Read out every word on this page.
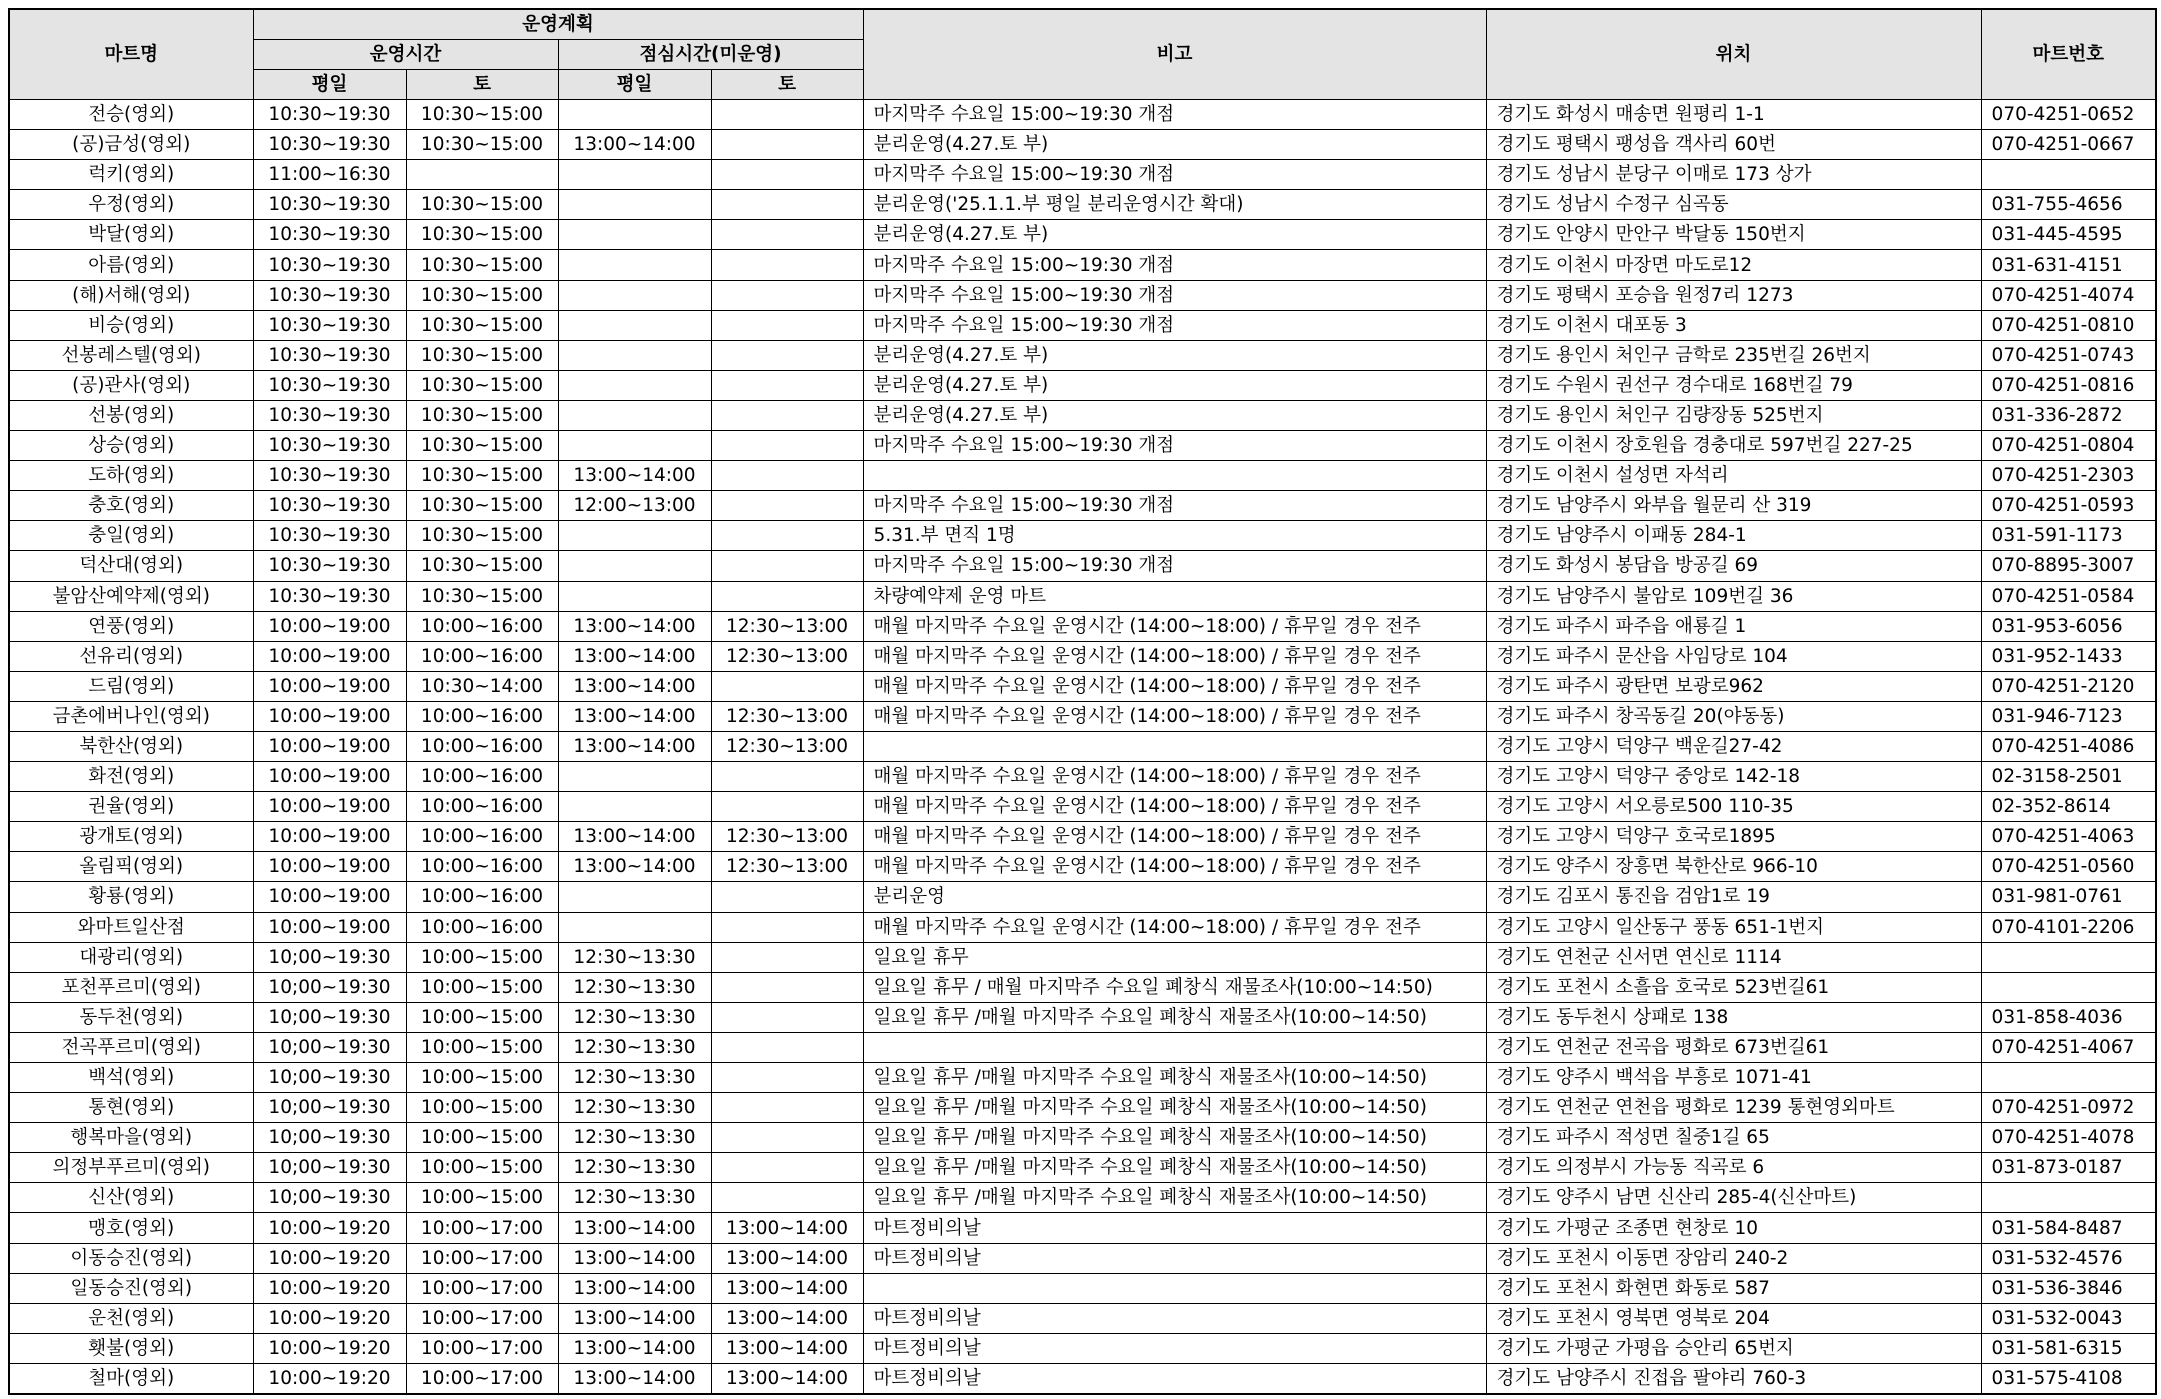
마트명	운영계획				비고	위치	마트번호
	운영시간		점심시간(미운영)				
	평일	토	평일	토			
전승(영외)	10:30~19:30	10:30~15:00			마지막주 수요일 15:00~19:30 개점	경기도 화성시 매송면 원평리 1-1	070-4251-0652
(공)금성(영외)	10:30~19:30	10:30~15:00	13:00~14:00		분리운영(4.27.토 부)	경기도 평택시 팽성읍 객사리 60번	070-4251-0667
럭키(영외)	11:00~16:30				마지막주 수요일 15:00~19:30 개점	경기도 성남시 분당구 이매로 173 상가	
우정(영외)	10:30~19:30	10:30~15:00			분리운영('25.1.1.부 평일 분리운영시간 확대)	경기도 성남시 수정구 심곡동	031-755-4656
박달(영외)	10:30~19:30	10:30~15:00			분리운영(4.27.토 부)	경기도 안양시 만안구 박달동 150번지	031-445-4595
아름(영외)	10:30~19:30	10:30~15:00			마지막주 수요일 15:00~19:30 개점	경기도 이천시 마장면 마도로12	031-631-4151
(해)서해(영외)	10:30~19:30	10:30~15:00			마지막주 수요일 15:00~19:30 개점	경기도 평택시 포승읍 원정7리 1273	070-4251-4074
비승(영외)	10:30~19:30	10:30~15:00			마지막주 수요일 15:00~19:30 개점	경기도 이천시 대포동 3	070-4251-0810
선봉레스텔(영외)	10:30~19:30	10:30~15:00			분리운영(4.27.토 부)	경기도 용인시 처인구 금학로 235번길 26번지	070-4251-0743
(공)관사(영외)	10:30~19:30	10:30~15:00			분리운영(4.27.토 부)	경기도 수원시 권선구 경수대로 168번길 79	070-4251-0816
선봉(영외)	10:30~19:30	10:30~15:00			분리운영(4.27.토 부)	경기도 용인시 처인구 김량장동 525번지	031-336-2872
상승(영외)	10:30~19:30	10:30~15:00			마지막주 수요일 15:00~19:30 개점	경기도 이천시 장호원읍 경충대로 597번길 227-25	070-4251-0804
도하(영외)	10:30~19:30	10:30~15:00	13:00~14:00			경기도 이천시 설성면 자석리	070-4251-2303
충호(영외)	10:30~19:30	10:30~15:00	12:00~13:00		마지막주 수요일 15:00~19:30 개점	경기도 남양주시 와부읍 월문리 산 319	070-4251-0593
충일(영외)	10:30~19:30	10:30~15:00			5.31.부 면직 1명	경기도 남양주시 이패동 284-1	031-591-1173
덕산대(영외)	10:30~19:30	10:30~15:00			마지막주 수요일 15:00~19:30 개점	경기도 화성시 봉담읍 방공길 69	070-8895-3007
불암산예약제(영외)	10:30~19:30	10:30~15:00			차량예약제 운영 마트	경기도 남양주시 불암로 109번길 36	070-4251-0584
연풍(영외)	10:00~19:00	10:00~16:00	13:00~14:00	12:30~13:00	매월 마지막주 수요일 운영시간 (14:00~18:00) / 휴무일 경우 전주	경기도 파주시 파주읍 애룡길 1	031-953-6056
선유리(영외)	10:00~19:00	10:00~16:00	13:00~14:00	12:30~13:00	매월 마지막주 수요일 운영시간 (14:00~18:00) / 휴무일 경우 전주	경기도 파주시 문산읍 사임당로 104	031-952-1433
드림(영외)	10:00~19:00	10:30~14:00	13:00~14:00		매월 마지막주 수요일 운영시간 (14:00~18:00) / 휴무일 경우 전주	경기도 파주시 광탄면 보광로962	070-4251-2120
금촌에버나인(영외)	10:00~19:00	10:00~16:00	13:00~14:00	12:30~13:00	매월 마지막주 수요일 운영시간 (14:00~18:00) / 휴무일 경우 전주	경기도 파주시 창곡동길 20(야동동)	031-946-7123
북한산(영외)	10:00~19:00	10:00~16:00	13:00~14:00	12:30~13:00		경기도 고양시 덕양구 백운길27-42	070-4251-4086
화전(영외)	10:00~19:00	10:00~16:00			매월 마지막주 수요일 운영시간 (14:00~18:00) / 휴무일 경우 전주	경기도 고양시 덕양구 중앙로 142-18	02-3158-2501
권율(영외)	10:00~19:00	10:00~16:00			매월 마지막주 수요일 운영시간 (14:00~18:00) / 휴무일 경우 전주	경기도 고양시 서오릉로500 110-35	02-352-8614
광개토(영외)	10:00~19:00	10:00~16:00	13:00~14:00	12:30~13:00	매월 마지막주 수요일 운영시간 (14:00~18:00) / 휴무일 경우 전주	경기도 고양시 덕양구 호국로1895	070-4251-4063
올림픽(영외)	10:00~19:00	10:00~16:00	13:00~14:00	12:30~13:00	매월 마지막주 수요일 운영시간 (14:00~18:00) / 휴무일 경우 전주	경기도 양주시 장흥면 북한산로 966-10	070-4251-0560
황룡(영외)	10:00~19:00	10:00~16:00			분리운영	경기도 김포시 통진읍 검암1로 19	031-981-0761
와마트일산점	10:00~19:00	10:00~16:00			매월 마지막주 수요일 운영시간 (14:00~18:00) / 휴무일 경우 전주	경기도 고양시 일산동구 풍동 651-1번지	070-4101-2206
대광리(영외)	10;00~19:30	10:00~15:00	12:30~13:30		일요일 휴무	경기도 연천군 신서면 연신로 1114	
포천푸르미(영외)	10;00~19:30	10:00~15:00	12:30~13:30		일요일 휴무 / 매월 마지막주 수요일 폐창식 재물조사(10:00~14:50)	경기도 포천시 소흘읍 호국로 523번길61	
동두천(영외)	10;00~19:30	10:00~15:00	12:30~13:30		일요일 휴무 /매월 마지막주 수요일 폐창식 재물조사(10:00~14:50)	경기도 동두천시 상패로 138	031-858-4036
전곡푸르미(영외)	10;00~19:30	10:00~15:00	12:30~13:30			경기도 연천군 전곡읍 평화로 673번길61	070-4251-4067
백석(영외)	10;00~19:30	10:00~15:00	12:30~13:30		일요일 휴무 /매월 마지막주 수요일 폐창식 재물조사(10:00~14:50)	경기도 양주시 백석읍 부흥로 1071-41	
통현(영외)	10;00~19:30	10:00~15:00	12:30~13:30		일요일 휴무 /매월 마지막주 수요일 폐창식 재물조사(10:00~14:50)	경기도 연천군 연천읍 평화로 1239 통현영외마트	070-4251-0972
행복마을(영외)	10;00~19:30	10:00~15:00	12:30~13:30		일요일 휴무 /매월 마지막주 수요일 폐창식 재물조사(10:00~14:50)	경기도 파주시 적성면 칠중1길 65	070-4251-4078
의정부푸르미(영외)	10;00~19:30	10:00~15:00	12:30~13:30		일요일 휴무 /매월 마지막주 수요일 폐창식 재물조사(10:00~14:50)	경기도 의정부시 가능동 직곡로 6	031-873-0187
신산(영외)	10;00~19:30	10:00~15:00	12:30~13:30		일요일 휴무 /매월 마지막주 수요일 폐창식 재물조사(10:00~14:50)	경기도 양주시 남면 신산리 285-4(신산마트)	
맹호(영외)	10:00~19:20	10:00~17:00	13:00~14:00	13:00~14:00	마트정비의날	경기도 가평군 조종면 현창로 10	031-584-8487
이동승진(영외)	10:00~19:20	10:00~17:00	13:00~14:00	13:00~14:00	마트정비의날	경기도 포천시 이동면 장암리 240-2	031-532-4576
일동승진(영외)	10:00~19:20	10:00~17:00	13:00~14:00	13:00~14:00		경기도 포천시 화현면 화동로 587	031-536-3846
운천(영외)	10:00~19:20	10:00~17:00	13:00~14:00	13:00~14:00	마트정비의날	경기도 포천시 영북면 영북로 204	031-532-0043
횃불(영외)	10:00~19:20	10:00~17:00	13:00~14:00	13:00~14:00	마트정비의날	경기도 가평군 가평읍 승안리 65번지	031-581-6315
철마(영외)	10:00~19:20	10:00~17:00	13:00~14:00	13:00~14:00	마트정비의날	경기도 남양주시 진접읍 팔야리 760-3	031-575-4108
